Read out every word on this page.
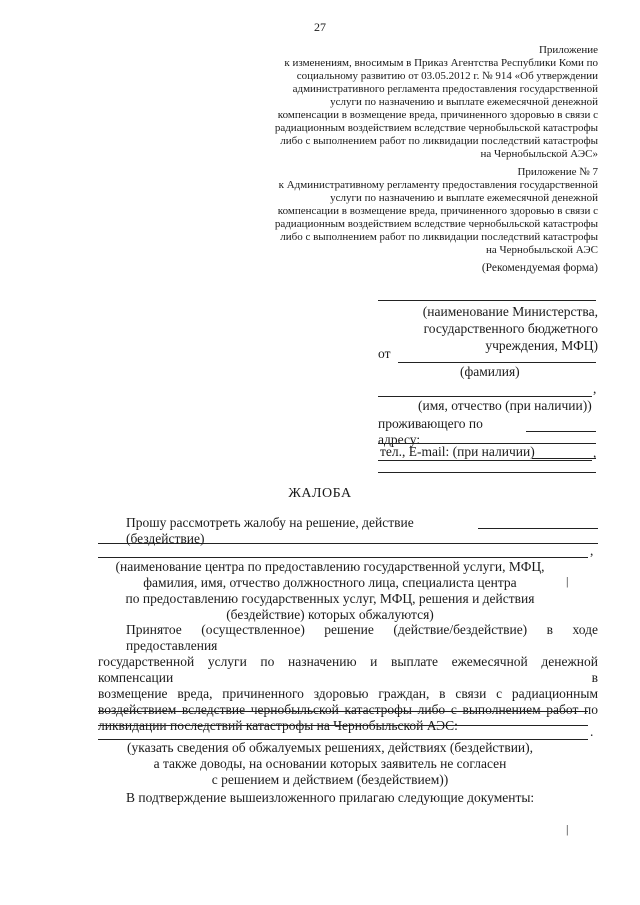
27
Приложение
к изменениям, вносимым в Приказ Агентства Республики Коми по
социальному развитию от 03.05.2012 г. № 914 «Об утверждении
административного регламента предоставления государственной
услуги по назначению и выплате ежемесячной денежной
компенсации в возмещение вреда, причиненного здоровью в связи с
радиационным воздействием вследствие чернобыльской катастрофы
либо с выполнением работ по ликвидации последствий катастрофы
на Чернобыльской АЭС»
Приложение № 7
к Административному регламенту предоставления государственной
услуги по назначению и выплате ежемесячной денежной
компенсации в возмещение вреда, причиненного здоровью в связи с
радиационным воздействием вследствие чернобыльской катастрофы
либо с выполнением работ по ликвидации последствий катастрофы
на Чернобыльской АЭС
(Рекомендуемая форма)
(наименование Министерства,
государственного бюджетного
учреждения, МФЦ)
от
(фамилия)
,
(имя, отчество (при наличии))
проживающего по адресу:
,
тел., E-mail: (при наличии)
ЖАЛОБА
Прошу рассмотреть жалобу на решение, действие (бездействие)
,
(наименование центра по предоставлению государственной услуги, МФЦ,
фамилия, имя, отчество должностного лица, специалиста центра
по предоставлению государственных услуг, МФЦ, решения и действия
(бездействие) которых обжалуются)
|
Принятое (осуществленное) решение (действие/бездействие) в ходе предоставления
государственной услуги по назначению и выплате ежемесячной денежной компенсации в
возмещение вреда, причиненного здоровью граждан, в связи с радиационным
воздействием вследствие чернобыльской катастрофы либо с выполнением работ по
ликвидации последствий катастрофы на Чернобыльской АЭС:	.
(указать сведения об обжалуемых решениях, действиях (бездействии),
а также доводы, на основании которых заявитель не согласен
с решением и действием (бездействием))
В подтверждение вышеизложенного прилагаю следующие документы:
|
